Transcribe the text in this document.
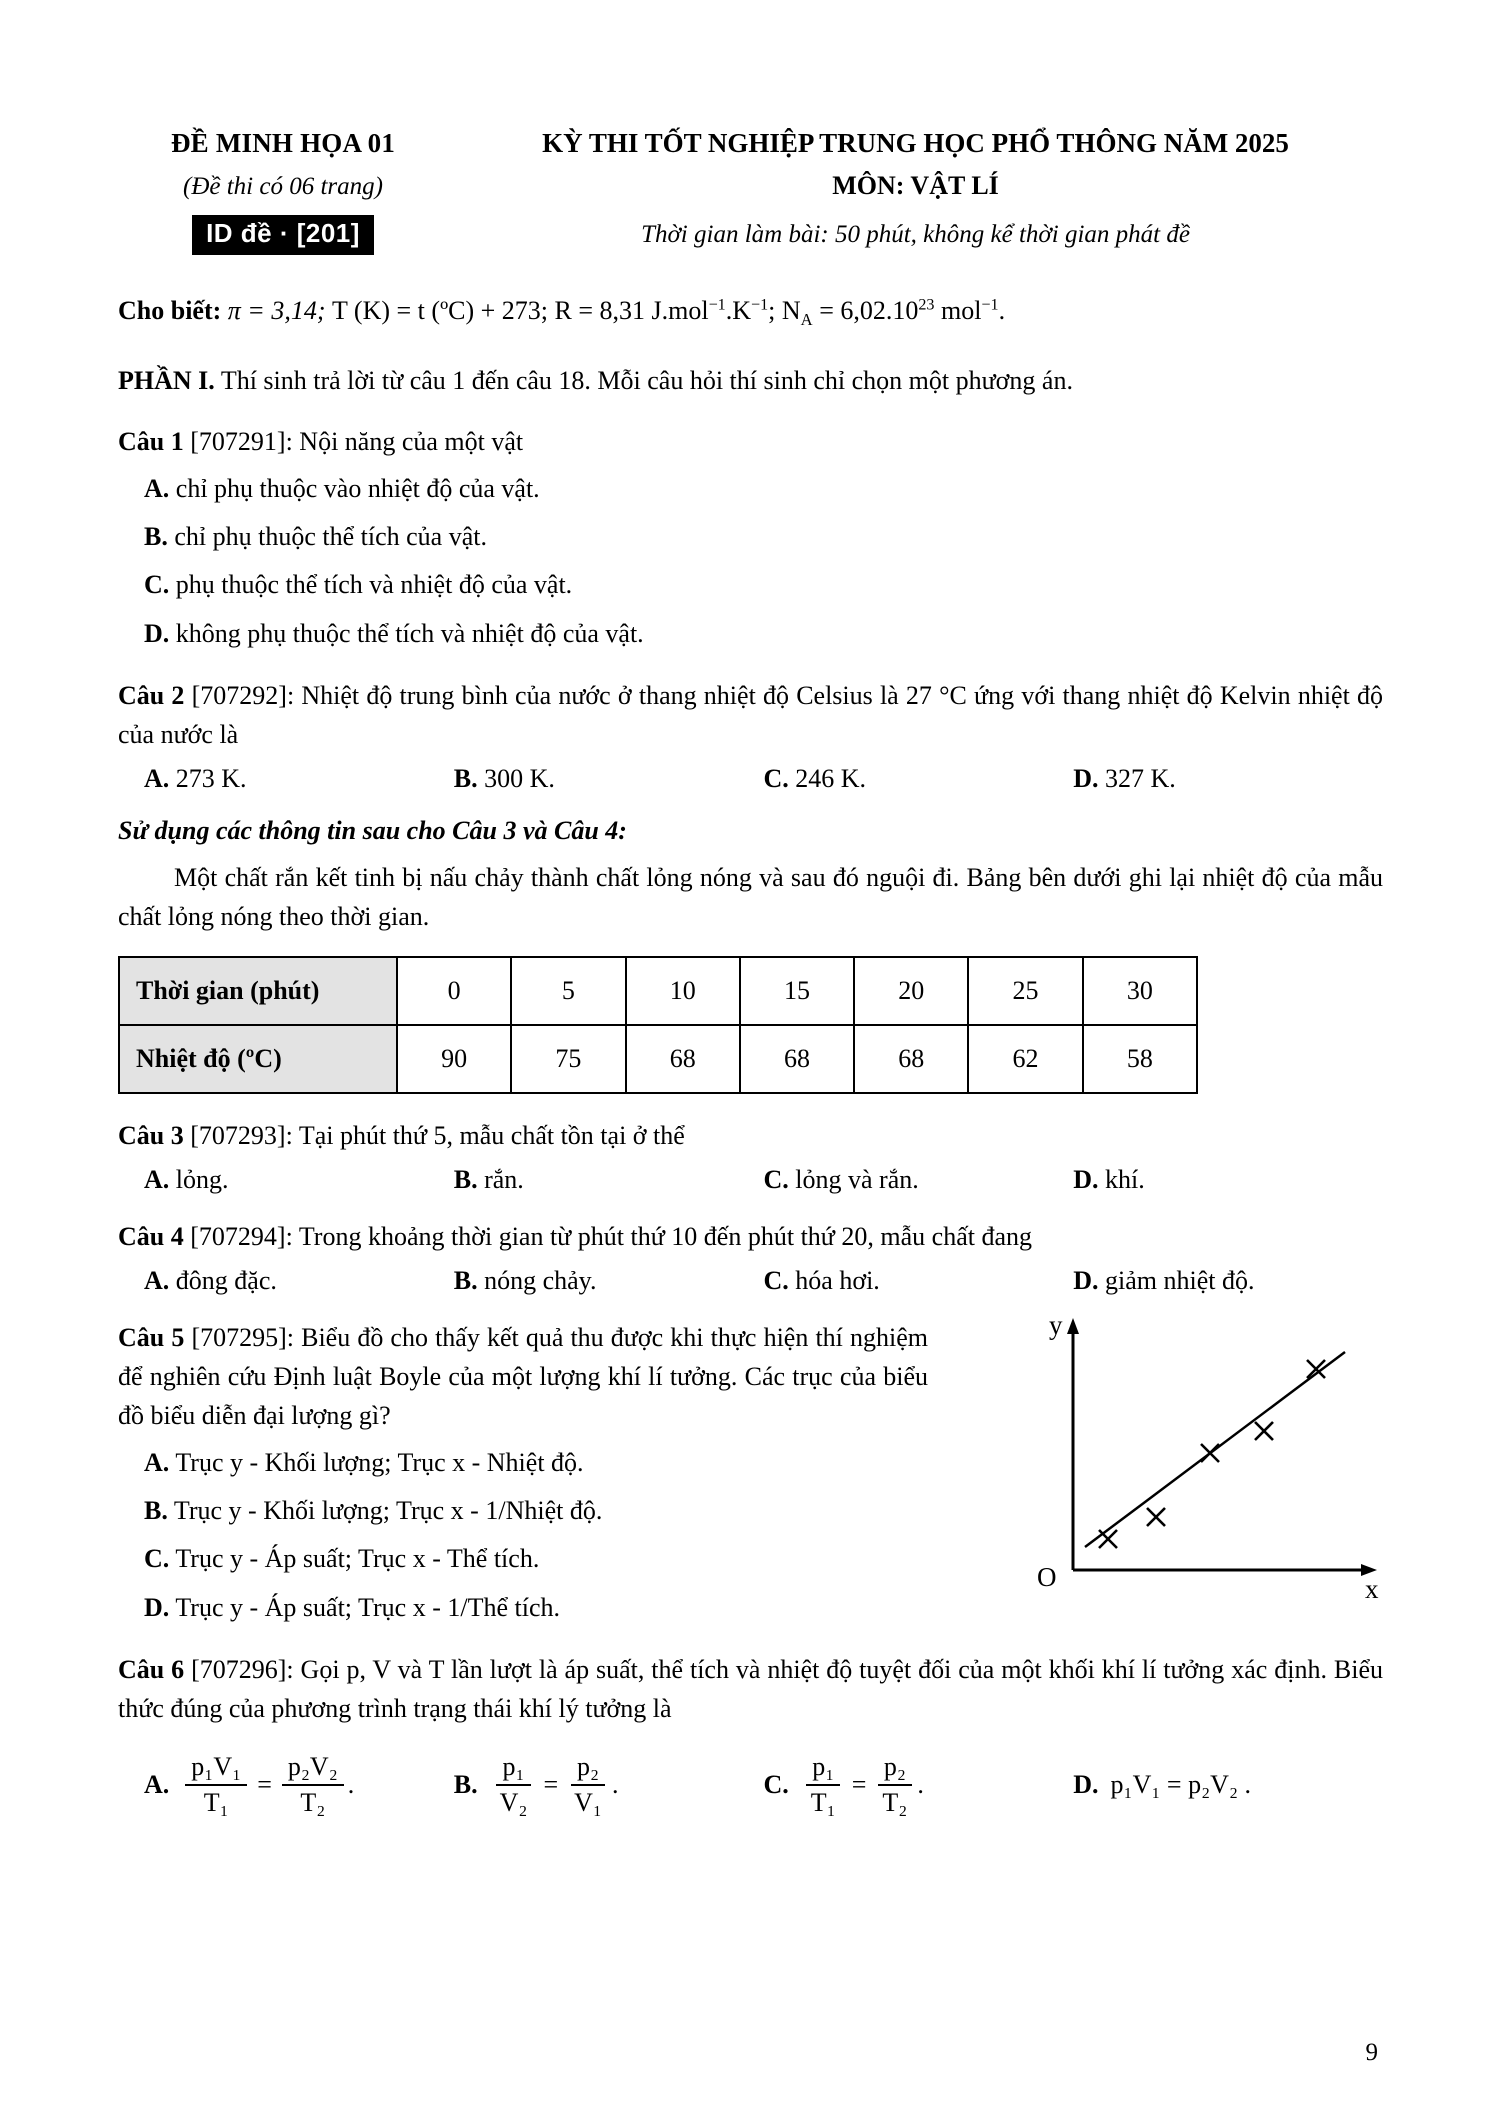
ĐỀ MINH HỌA 01	KỲ THI TỐT NGHIỆP TRUNG HỌC PHỔ THÔNG NĂM 2025
(Đề thi có 06 trang)	MÔN: VẬT LÍ
ID đề · [201]	Thời gian làm bài: 50 phút, không kể thời gian phát đề
Cho biết: π = 3,14; T (K) = t (ºC) + 273; R = 8,31 $J.mol^{-1}.K^{-1}$; $N_A = 6,02.10^{23}$ mol$^{-1}$.
PHẦN I. Thí sinh trả lời từ câu 1 đến câu 18. Mỗi câu hỏi thí sinh chỉ chọn một phương án.
Câu 1 [707291]: Nội năng của một vật
A. chỉ phụ thuộc vào nhiệt độ của vật.
B. chỉ phụ thuộc thể tích của vật.
C. phụ thuộc thể tích và nhiệt độ của vật.
D. không phụ thuộc thể tích và nhiệt độ của vật.
Câu 2 [707292]: Nhiệt độ trung bình của nước ở thang nhiệt độ Celsius là 27 °C ứng với thang nhiệt độ Kelvin nhiệt độ của nước là
A. 273 K.	B. 300 K.	C. 246 K.	D. 327 K.
Sử dụng các thông tin sau cho Câu 3 và Câu 4:
Một chất rắn kết tinh bị nấu chảy thành chất lỏng nóng và sau đó nguội đi. Bảng bên dưới ghi lại nhiệt độ của mẫu chất lỏng nóng theo thời gian.
Thời gian (phút)	0	5	10	15	20	25	30
Nhiệt độ (ºC)	90	75	68	68	68	62	58
Câu 3 [707293]: Tại phút thứ 5, mẫu chất tồn tại ở thể
A. lỏng.	B. rắn.	C. lỏng và rắn.	D. khí.
Câu 4 [707294]: Trong khoảng thời gian từ phút thứ 10 đến phút thứ 20, mẫu chất đang
A. đông đặc.	B. nóng chảy.	C. hóa hơi.	D. giảm nhiệt độ.
Câu 5 [707295]: Biểu đồ cho thấy kết quả thu được khi thực hiện thí nghiệm để nghiên cứu Định luật Boyle của một lượng khí lí tưởng. Các trục của biểu đồ biểu diễn đại lượng gì?
A. Trục y - Khối lượng; Trục x - Nhiệt độ.
B. Trục y - Khối lượng; Trục x - 1/Nhiệt độ.
C. Trục y - Áp suất; Trục x - Thể tích.
D. Trục y - Áp suất; Trục x - 1/Thể tích.
y
x
O
Câu 6 [707296]: Gọi p, V và T lần lượt là áp suất, thể tích và nhiệt độ tuyệt đối của một khối khí lí tưởng xác định. Biểu thức đúng của phương trình trạng thái khí lý tưởng là
A. $\frac{\text{p₁V₁}}{\text{T₁}} = \frac{\text{p₂V₂}}{\text{T₂}}$ .	B. $\frac{\text{p₁}}{\text{V₂}} = \frac{\text{p₂}}{\text{V₁}}$ .	C. $\frac{\text{p₁}}{\text{T₁}} = \frac{\text{p₂}}{\text{T₂}}$ .	D. p₁V₁ = p₂V₂ .
9
